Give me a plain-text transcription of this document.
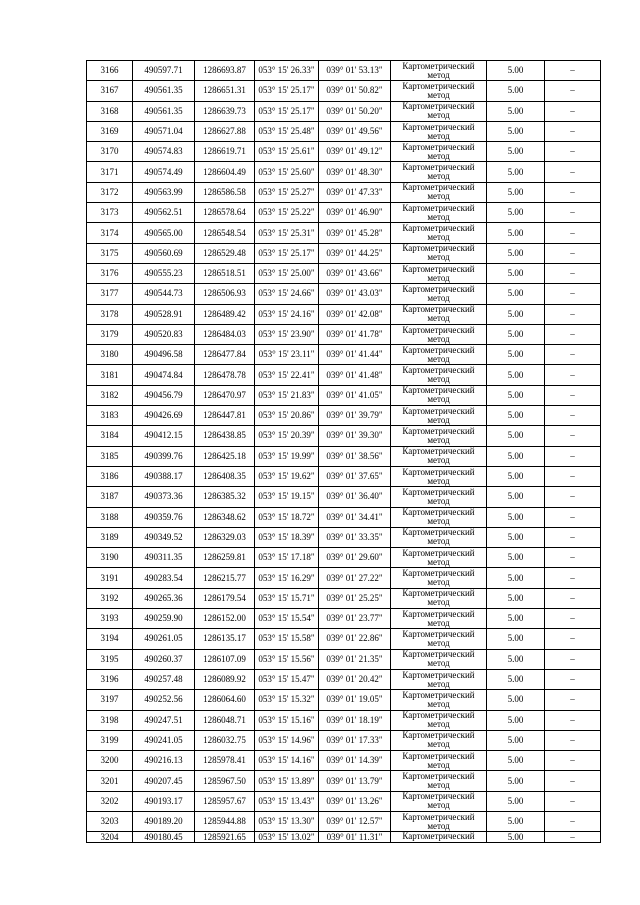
3166	490597.71	1286693.87	053° 15' 26.33"	039° 01' 53.13"	Картометрический метод	5.00	–
3167	490561.35	1286651.31	053° 15' 25.17"	039° 01' 50.82"	Картометрический метод	5.00	–
3168	490561.35	1286639.73	053° 15' 25.17"	039° 01' 50.20"	Картометрический метод	5.00	–
3169	490571.04	1286627.88	053° 15' 25.48"	039° 01' 49.56"	Картометрический метод	5.00	–
3170	490574.83	1286619.71	053° 15' 25.61"	039° 01' 49.12"	Картометрический метод	5.00	–
3171	490574.49	1286604.49	053° 15' 25.60"	039° 01' 48.30"	Картометрический метод	5.00	–
3172	490563.99	1286586.58	053° 15' 25.27"	039° 01' 47.33"	Картометрический метод	5.00	–
3173	490562.51	1286578.64	053° 15' 25.22"	039° 01' 46.90"	Картометрический метод	5.00	–
3174	490565.00	1286548.54	053° 15' 25.31"	039° 01' 45.28"	Картометрический метод	5.00	–
3175	490560.69	1286529.48	053° 15' 25.17"	039° 01' 44.25"	Картометрический метод	5.00	–
3176	490555.23	1286518.51	053° 15' 25.00"	039° 01' 43.66"	Картометрический метод	5.00	–
3177	490544.73	1286506.93	053° 15' 24.66"	039° 01' 43.03"	Картометрический метод	5.00	–
3178	490528.91	1286489.42	053° 15' 24.16"	039° 01' 42.08"	Картометрический метод	5.00	–
3179	490520.83	1286484.03	053° 15' 23.90"	039° 01' 41.78"	Картометрический метод	5.00	–
3180	490496.58	1286477.84	053° 15' 23.11"	039° 01' 41.44"	Картометрический метод	5.00	–
3181	490474.84	1286478.78	053° 15' 22.41"	039° 01' 41.48"	Картометрический метод	5.00	–
3182	490456.79	1286470.97	053° 15' 21.83"	039° 01' 41.05"	Картометрический метод	5.00	–
3183	490426.69	1286447.81	053° 15' 20.86"	039° 01' 39.79"	Картометрический метод	5.00	–
3184	490412.15	1286438.85	053° 15' 20.39"	039° 01' 39.30"	Картометрический метод	5.00	–
3185	490399.76	1286425.18	053° 15' 19.99"	039° 01' 38.56"	Картометрический метод	5.00	–
3186	490388.17	1286408.35	053° 15' 19.62"	039° 01' 37.65"	Картометрический метод	5.00	–
3187	490373.36	1286385.32	053° 15' 19.15"	039° 01' 36.40"	Картометрический метод	5.00	–
3188	490359.76	1286348.62	053° 15' 18.72"	039° 01' 34.41"	Картометрический метод	5.00	–
3189	490349.52	1286329.03	053° 15' 18.39"	039° 01' 33.35"	Картометрический метод	5.00	–
3190	490311.35	1286259.81	053° 15' 17.18"	039° 01' 29.60"	Картометрический метод	5.00	–
3191	490283.54	1286215.77	053° 15' 16.29"	039° 01' 27.22"	Картометрический метод	5.00	–
3192	490265.36	1286179.54	053° 15' 15.71"	039° 01' 25.25"	Картометрический метод	5.00	–
3193	490259.90	1286152.00	053° 15' 15.54"	039° 01' 23.77"	Картометрический метод	5.00	–
3194	490261.05	1286135.17	053° 15' 15.58"	039° 01' 22.86"	Картометрический метод	5.00	–
3195	490260.37	1286107.09	053° 15' 15.56"	039° 01' 21.35"	Картометрический метод	5.00	–
3196	490257.48	1286089.92	053° 15' 15.47"	039° 01' 20.42"	Картометрический метод	5.00	–
3197	490252.56	1286064.60	053° 15' 15.32"	039° 01' 19.05"	Картометрический метод	5.00	–
3198	490247.51	1286048.71	053° 15' 15.16"	039° 01' 18.19"	Картометрический метод	5.00	–
3199	490241.05	1286032.75	053° 15' 14.96"	039° 01' 17.33"	Картометрический метод	5.00	–
3200	490216.13	1285978.41	053° 15' 14.16"	039° 01' 14.39"	Картометрический метод	5.00	–
3201	490207.45	1285967.50	053° 15' 13.89"	039° 01' 13.79"	Картометрический метод	5.00	–
3202	490193.17	1285957.67	053° 15' 13.43"	039° 01' 13.26"	Картометрический метод	5.00	–
3203	490189.20	1285944.88	053° 15' 13.30"	039° 01' 12.57"	Картометрический метод	5.00	–
3204	490180.45	1285921.65	053° 15' 13.02"	039° 01' 11.31"	Картометрический	5.00	–
